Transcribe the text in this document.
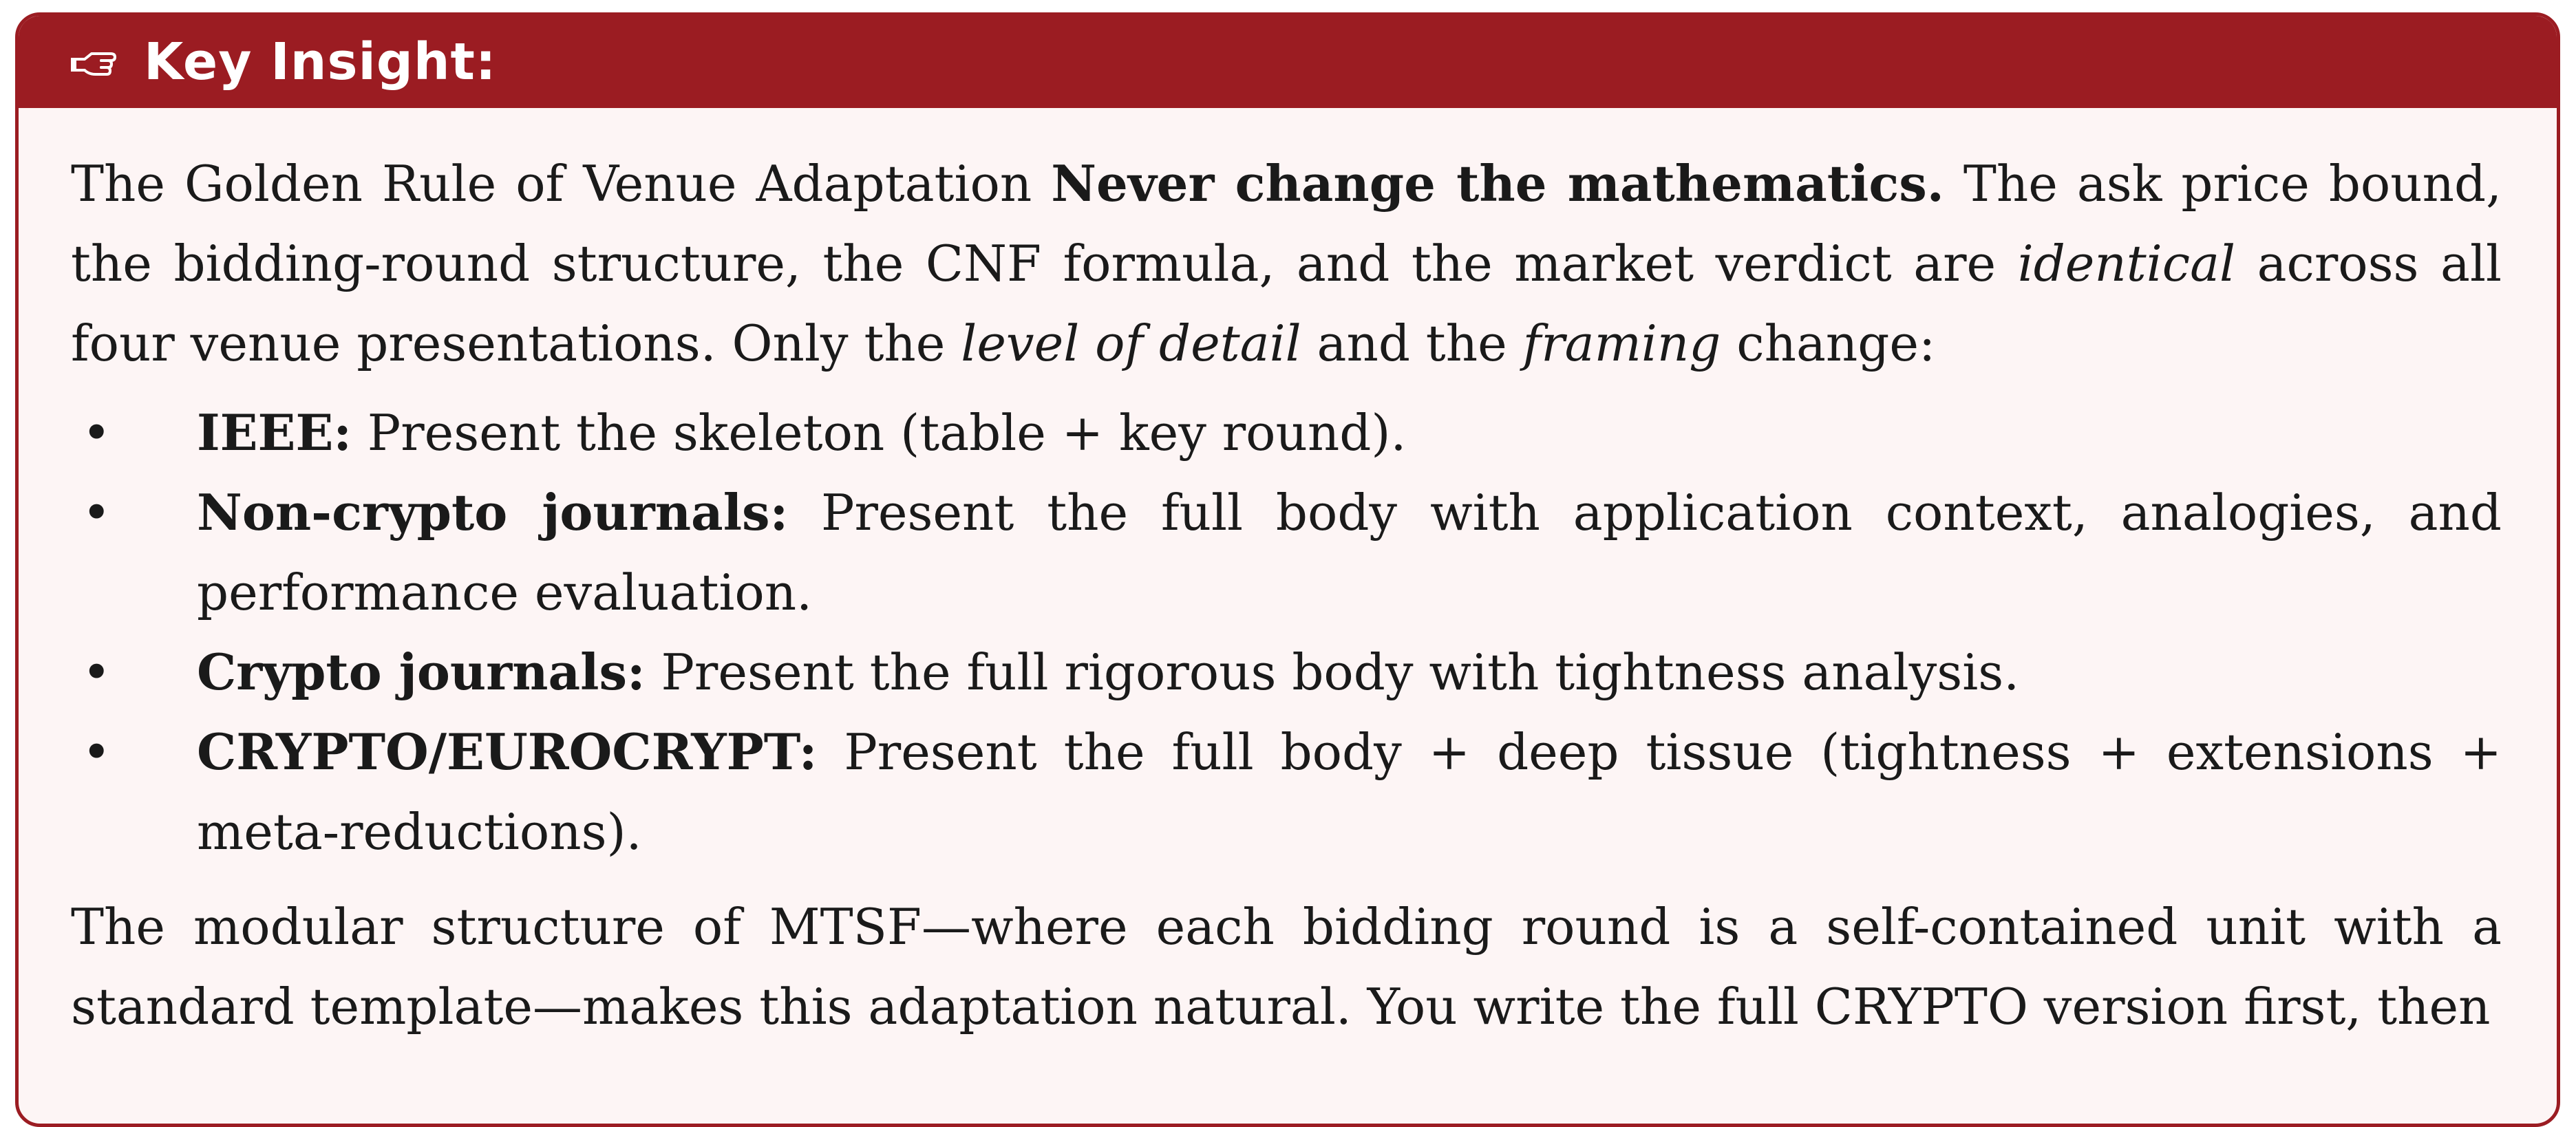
Key Insight:

The Golden Rule of Venue Adaptation Never change the mathematics. The ask price bound, the bidding-round structure, the CNF formula, and the market verdict are identical across all four venue presentations. Only the level of detail and the framing change:

• IEEE: Present the skeleton (table + key round).
• Non-crypto journals: Present the full body with application context, analogies, and performance evaluation.
• Crypto journals: Present the full rigorous body with tightness analysis.
• CRYPTO/EUROCRYPT: Present the full body + deep tissue (tightness + extensions + meta-reductions).

The modular structure of MTSF—where each bidding round is a self-contained unit with a standard template—makes this adaptation natural. You write the full CRYPTO version first, then
